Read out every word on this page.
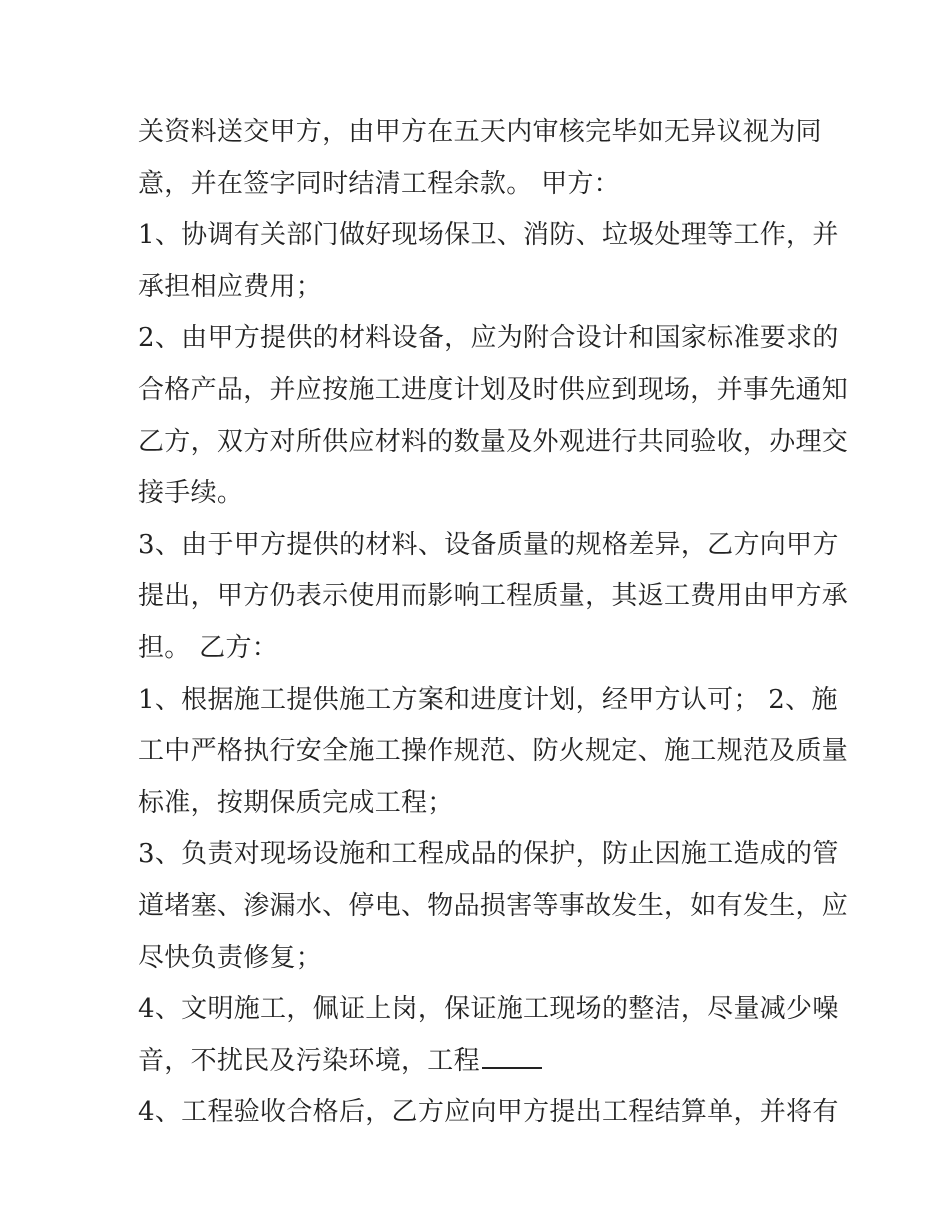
关资料送交甲方，由甲方在五天内审核完毕如无异议视为同
意，并在签字同时结清工程余款。 甲方：
1、协调有关部门做好现场保卫、消防、垃圾处理等工作，并
承担相应费用；
2、由甲方提供的材料设备，应为附合设计和国家标准要求的
合格产品，并应按施工进度计划及时供应到现场，并事先通知
乙方，双方对所供应材料的数量及外观进行共同验收，办理交
接手续。
3、由于甲方提供的材料、设备质量的规格差异，乙方向甲方
提出，甲方仍表示使用而影响工程质量，其返工费用由甲方承
担。 乙方：
1、根据施工提供施工方案和进度计划，经甲方认可； 2、施
工中严格执行安全施工操作规范、防火规定、施工规范及质量
标准，按期保质完成工程；
3、负责对现场设施和工程成品的保护，防止因施工造成的管
道堵塞、渗漏水、停电、物品损害等事故发生，如有发生，应
尽快负责修复；
4、文明施工，佩证上岗，保证施工现场的整洁，尽量减少噪
音，不扰民及污染环境，工程
4、工程验收合格后，乙方应向甲方提出工程结算单，并将有
